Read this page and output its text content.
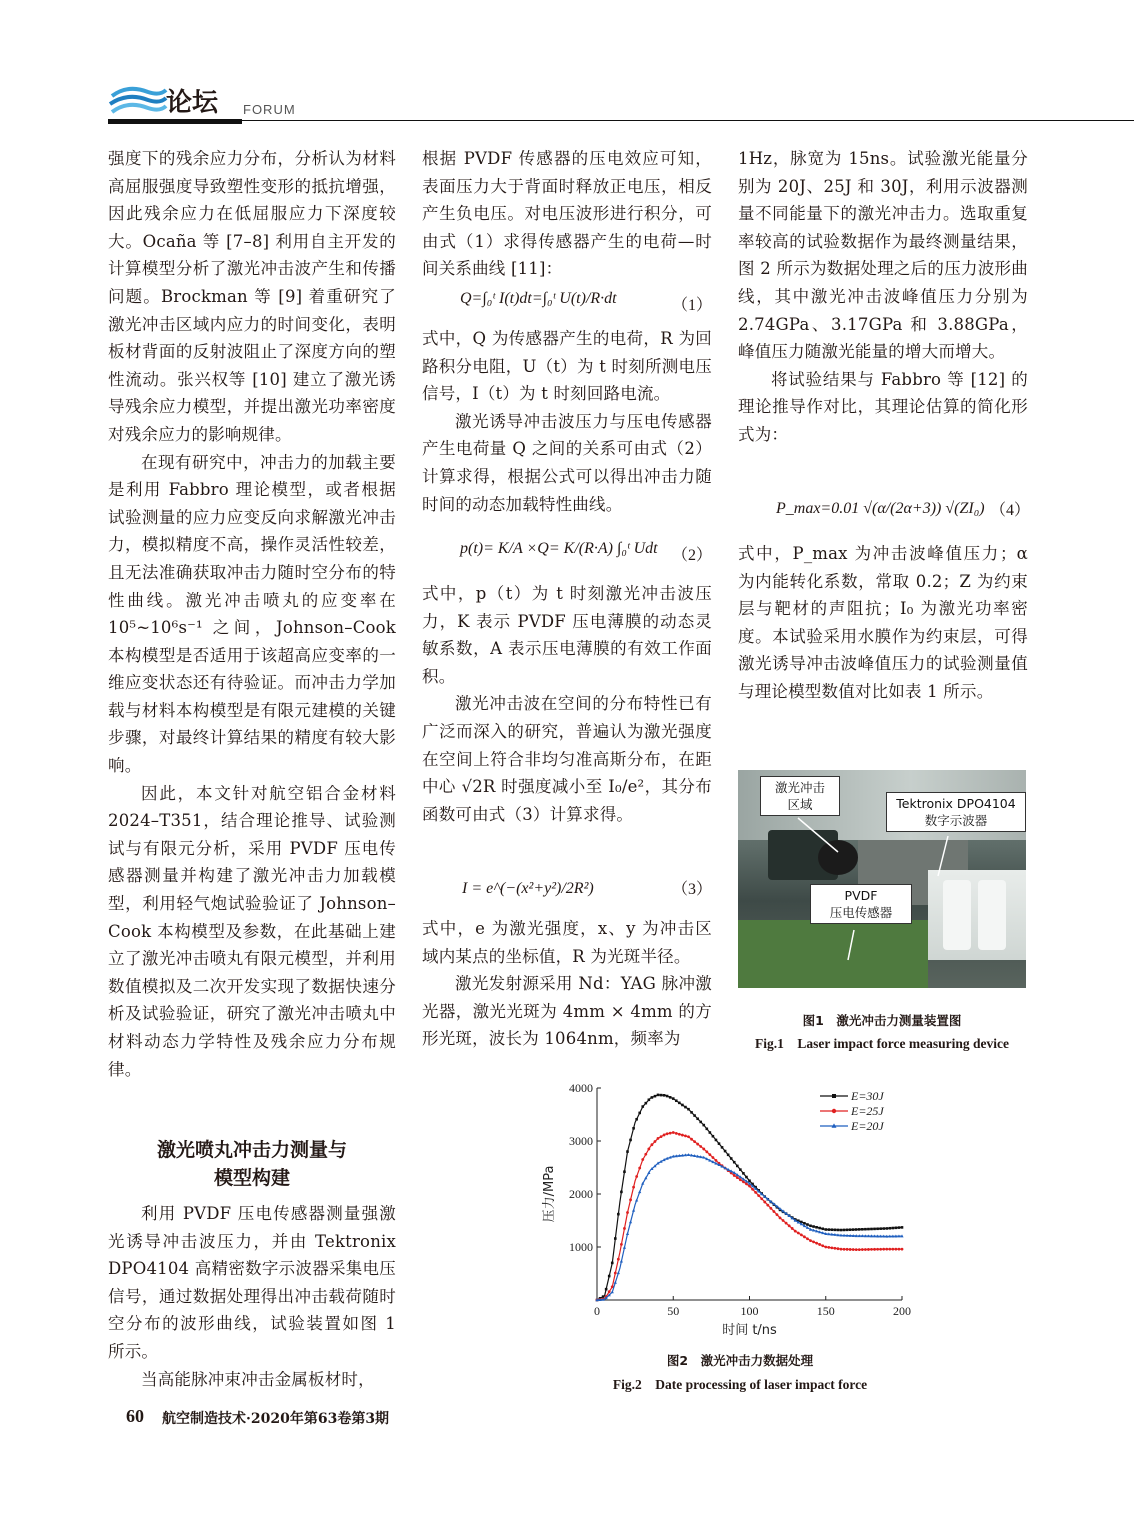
论坛 FORUM

强度下的残余应力分布，分析认为材料高屈服强度导致塑性变形的抵抗增强，因此残余应力在低屈服应力下深度较大。Ocaña 等 [7–8] 利用自主开发的计算模型分析了激光冲击波产生和传播问题。Brockman 等 [9] 着重研究了激光冲击区域内应力的时间变化，表明板材背面的反射波阻止了深度方向的塑性流动。张兴权等 [10] 建立了激光诱导残余应力模型，并提出激光功率密度对残余应力的影响规律。

在现有研究中，冲击力的加载主要是利用 Fabbro 理论模型，或者根据试验测量的应力应变反向求解激光冲击力，模拟精度不高，操作灵活性较差，且无法准确获取冲击力随时空分布的特性曲线。激光冲击喷丸的应变率在 10⁵~10⁶s⁻¹ 之间，Johnson–Cook 本构模型是否适用于该超高应变率的一维应变状态还有待验证。而冲击力学加载与材料本构模型是有限元建模的关键步骤，对最终计算结果的精度有较大影响。

因此，本文针对航空铝合金材料 2024–T351，结合理论推导、试验测试与有限元分析，采用 PVDF 压电传感器测量并构建了激光冲击力加载模型，利用轻气炮试验验证了 Johnson–Cook 本构模型及参数，在此基础上建立了激光冲击喷丸有限元模型，并利用数值模拟及二次开发实现了数据快速分析及试验验证，研究了激光冲击喷丸中材料动态力学特性及残余应力分布规律。

激光喷丸冲击力测量与
模型构建

利用 PVDF 压电传感器测量强激光诱导冲击波压力，并由 Tektronix DPO4104 高精密数字示波器采集电压信号，通过数据处理得出冲击载荷随时空分布的波形曲线，试验装置如图 1 所示。

当高能脉冲束冲击金属板材时，

根据 PVDF 传感器的压电效应可知，表面压力大于背面时释放正电压，相反产生负电压。对电压波形进行积分，可由式（1）求得传感器产生的电荷—时间关系曲线 [11]：

Q=∫₀ᵗ I(t)dt=∫₀ᵗ U(t)/R·dt	（1）

式中，Q 为传感器产生的电荷，R 为回路积分电阻，U（t）为 t 时刻所测电压信号，I（t）为 t 时刻回路电流。

激光诱导冲击波压力与压电传感器产生电荷量 Q 之间的关系可由式（2）计算求得，根据公式可以得出冲击力随时间的动态加载特性曲线。

p(t)= K/A ×Q= K/(R·A) ∫₀ᵗ Udt （2）

式中，p（t）为 t 时刻激光冲击波压力，K 表示 PVDF 压电薄膜的动态灵敏系数，A 表示压电薄膜的有效工作面积。

激光冲击波在空间的分布特性已有广泛而深入的研究，普遍认为激光强度在空间上符合非均匀准高斯分布，在距中心 √2R 时强度减小至 I₀/e²，其分布函数可由式（3）计算求得。

I = e^(−(x²+y²)/2R²)	（3）

式中，e 为激光强度，x、y 为冲击区域内某点的坐标值，R 为光斑半径。

激光发射源采用 Nd：YAG 脉冲激光器，激光光斑为 4mm × 4mm 的方形光斑，波长为 1064nm，频率为

1Hz，脉宽为 15ns。试验激光能量分别为 20J、25J 和 30J，利用示波器测量不同能量下的激光冲击力。选取重复率较高的试验数据作为最终测量结果，图 2 所示为数据处理之后的压力波形曲线，其中激光冲击波峰值压力分别为 2.74GPa、3.17GPa 和 3.88GPa，峰值压力随激光能量的增大而增大。

将试验结果与 Fabbro 等 [12] 的理论推导作对比，其理论估算的简化形式为：

P_max=0.01 √(α/(2α+3)) √(ZI₀) （4）

式中，P_max 为冲击波峰值压力；α 为内能转化系数，常取 0.2；Z 为约束层与靶材的声阻抗；I₀ 为激光功率密度。本试验采用水膜作为约束层，可得激光诱导冲击波峰值压力的试验测量值与理论模型数值对比如表 1 所示。

激光冲击
区域	Tektronix DPO4104
数字示波器
PVDF
压电传感器
图1　激光冲击力测量装置图
Fig.1　Laser impact force measuring device
0	50	100	150	200
1000
2000
3000
4000
时间 t/ns
压力/MPa
E=30J
E=25J
E=20J
图2　激光冲击力数据处理
Fig.2　Date processing of laser impact force
60 航空制造技术·2020年第63卷第3期
